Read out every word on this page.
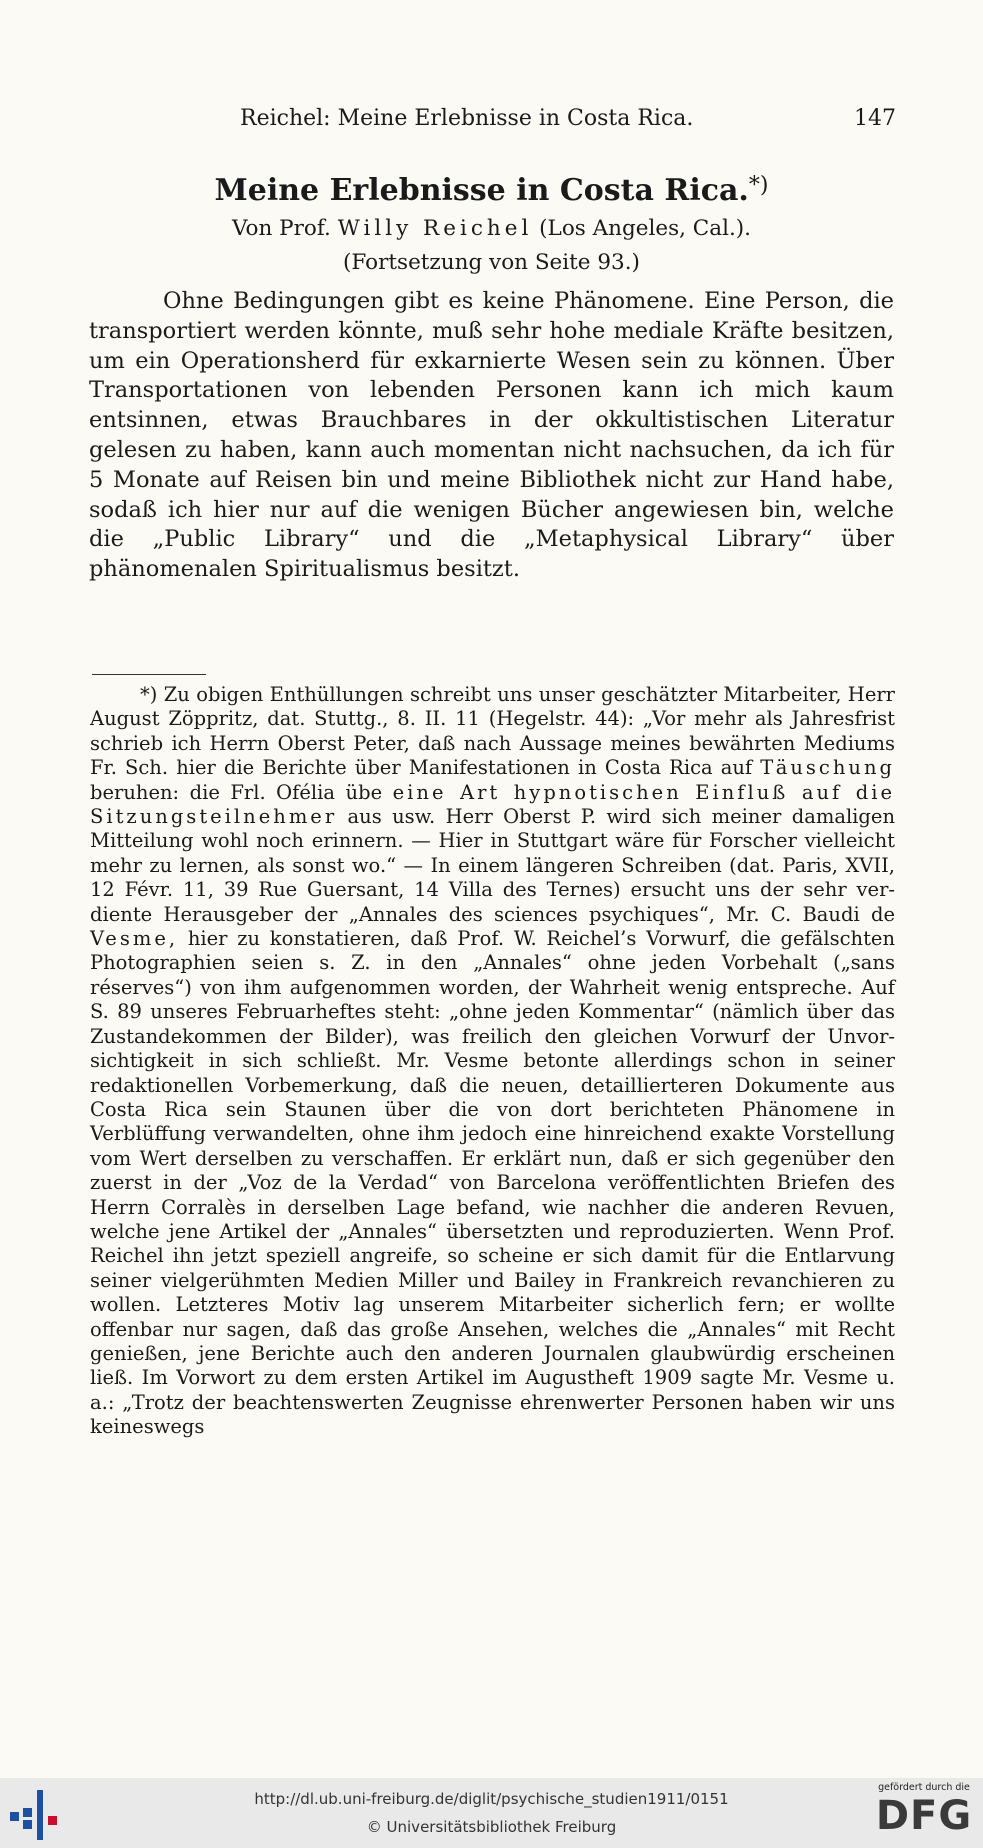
Reichel: Meine Erlebnisse in Costa Rica.	147
Meine Erlebnisse in Costa Rica.*)
Von Prof. Willy Reichel (Los Angeles, Cal.).
(Fortsetzung von Seite 93.)

Ohne Bedingungen gibt es keine Phänomene. Eine Person, die transportiert werden könnte, muß sehr hohe mediale Kräfte besitzen, um ein Operationsherd für exkarnierte Wesen sein zu können. Über Transportationen von lebenden Personen kann ich mich kaum entsinnen, etwas Brauchbares in der okkultistischen Literatur gelesen zu haben, kann auch momentan nicht nachsuchen, da ich für 5 Monate auf Reisen bin und meine Bibliothek nicht zur Hand habe, sodaß ich hier nur auf die wenigen Bücher angewiesen bin, welche die „Public Library“ und die „Metaphysical Library“ über phänomenalen Spiritualismus besitzt.

*) Zu obigen Enthüllungen schreibt uns unser geschätzter Mitarbeiter, Herr August Zöppritz, dat. Stuttg., 8. II. 11 (Hegelstr. 44): „Vor mehr als Jahresfrist schrieb ich Herrn Oberst Peter, daß nach Aussage meines bewährten Mediums Fr. Sch. hier die Berichte über Manifestationen in Costa Rica auf Täuschung beruhen: die Frl. Ofélia übe eine Art hypnotischen Einfluß auf die Sitzungsteilnehmer aus usw. Herr Oberst P. wird sich meiner damaligen Mitteilung wohl noch erinnern. — Hier in Stuttgart wäre für Forscher vielleicht mehr zu lernen, als sonst wo.“ — In einem längeren Schreiben (dat. Paris, XVII, 12 Févr. 11, 39 Rue Guersant, 14 Villa des Ternes) ersucht uns der sehr verdiente Herausgeber der „Annales des sciences psychiques“, Mr. C. Baudi de Vesme, hier zu konstatieren, daß Prof. W. Reichel’s Vorwurf, die gefälschten Photographien seien s. Z. in den „Annales“ ohne jeden Vorbehalt („sans réserves“) von ihm aufgenommen worden, der Wahrheit wenig entspreche. Auf S. 89 unseres Februarheftes steht: „ohne jeden Kommentar“ (nämlich über das Zustandekommen der Bilder), was freilich den gleichen Vorwurf der Unvorsichtigkeit in sich schließt. Mr. Vesme betonte allerdings schon in seiner redaktionellen Vorbemerkung, daß die neuen, detaillierteren Dokumente aus Costa Rica sein Staunen über die von dort berichteten Phänomene in Verblüffung verwandelten, ohne ihm jedoch eine hinreichend exakte Vorstellung vom Wert derselben zu verschaffen. Er erklärt nun, daß er sich gegenüber den zuerst in der „Voz de la Verdad“ von Barcelona veröffentlichten Briefen des Herrn Corralès in derselben Lage befand, wie nachher die anderen Revuen, welche jene Artikel der „Annales“ übersetzten und reproduzierten. Wenn Prof. Reichel ihn jetzt speziell angreife, so scheine er sich damit für die Entlarvung seiner vielgerühmten Medien Miller und Bailey in Frankreich revanchieren zu wollen. Letzteres Motiv lag unserem Mitarbeiter sicherlich fern; er wollte offenbar nur sagen, daß das große Ansehen, welches die „Annales“ mit Recht genießen, jene Berichte auch den anderen Journalen glaubwürdig erscheinen ließ. Im Vorwort zu dem ersten Artikel im Augustheft 1909 sagte Mr. Vesme u. a.: „Trotz der beachtenswerten Zeugnisse ehrenwerter Personen haben wir uns keineswegs

http://dl.ub.uni-freiburg.de/diglit/psychische_studien1911/0151
© Universitätsbibliothek Freiburg
gefördert durch die
DFG
